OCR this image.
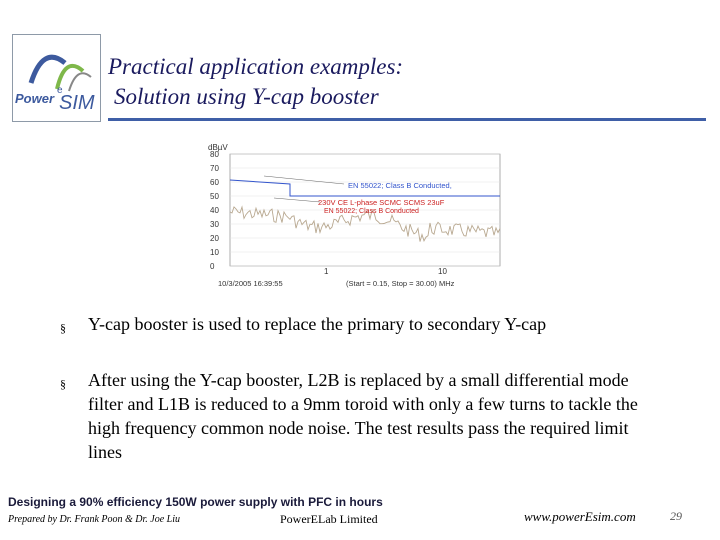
Power
e
SIM
Practical application examples:
Solution using Y-cap booster
dBµV
80
70
60
50
40
30
20
10
0
EN 55022; Class B Conducted,
230V CE L-phase SCMC SCMS 23uF
EN 55022; Class B Conducted
1	10
10/3/2005 16:39:55	(Start = 0.15, Stop = 30.00) MHz
§	Y-cap booster is used to replace the primary to secondary Y-cap
§	After using the Y-cap booster, L2B is replaced by a small differential mode filter and L1B is reduced to a 9mm toroid with only a few turns to tackle the high frequency common node noise. The test results pass the required limit lines
Designing a 90% efficiency 150W power supply with PFC in hours
Prepared by Dr. Frank Poon & Dr. Joe Liu	PowerELab Limited	www.powerEsim.com	29
